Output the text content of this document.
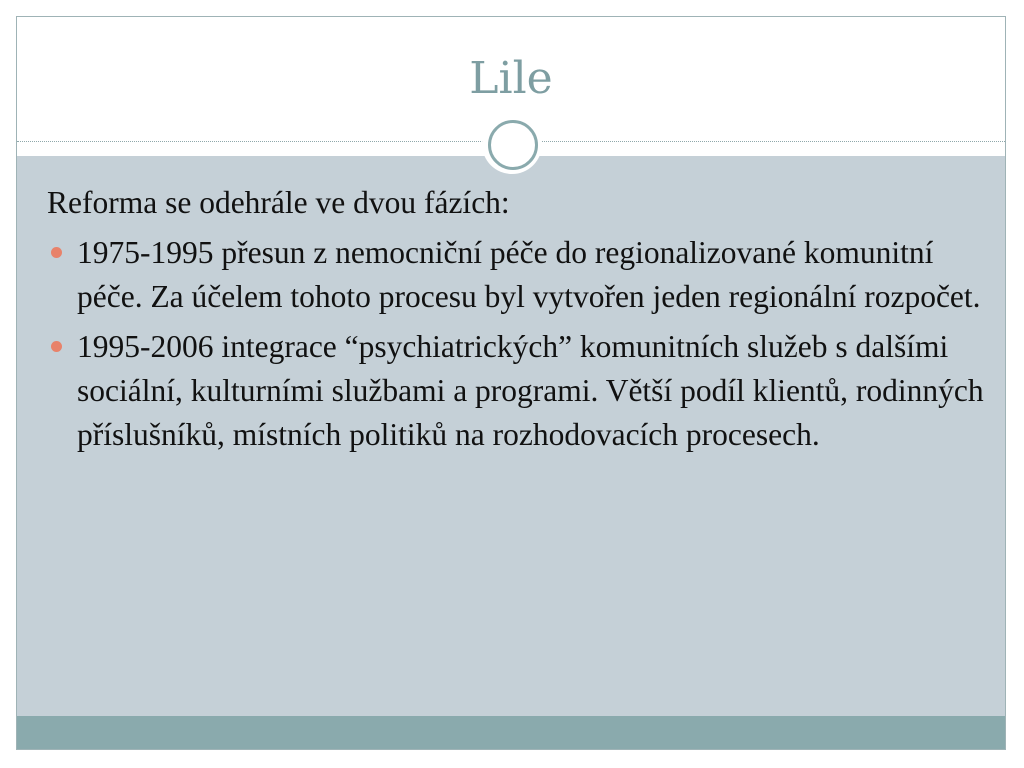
Lile

Reforma se odehrále ve dvou fázích:

1975-1995 přesun z nemocniční péče do regionalizované komunitní péče. Za účelem tohoto procesu byl vytvořen jeden regionální rozpočet.
1995-2006 integrace “psychiatrických” komunitních služeb s dalšími sociální, kulturními službami a programi. Větší podíl klientů, rodinných příslušníků, místních politiků na rozhodovacích procesech.
